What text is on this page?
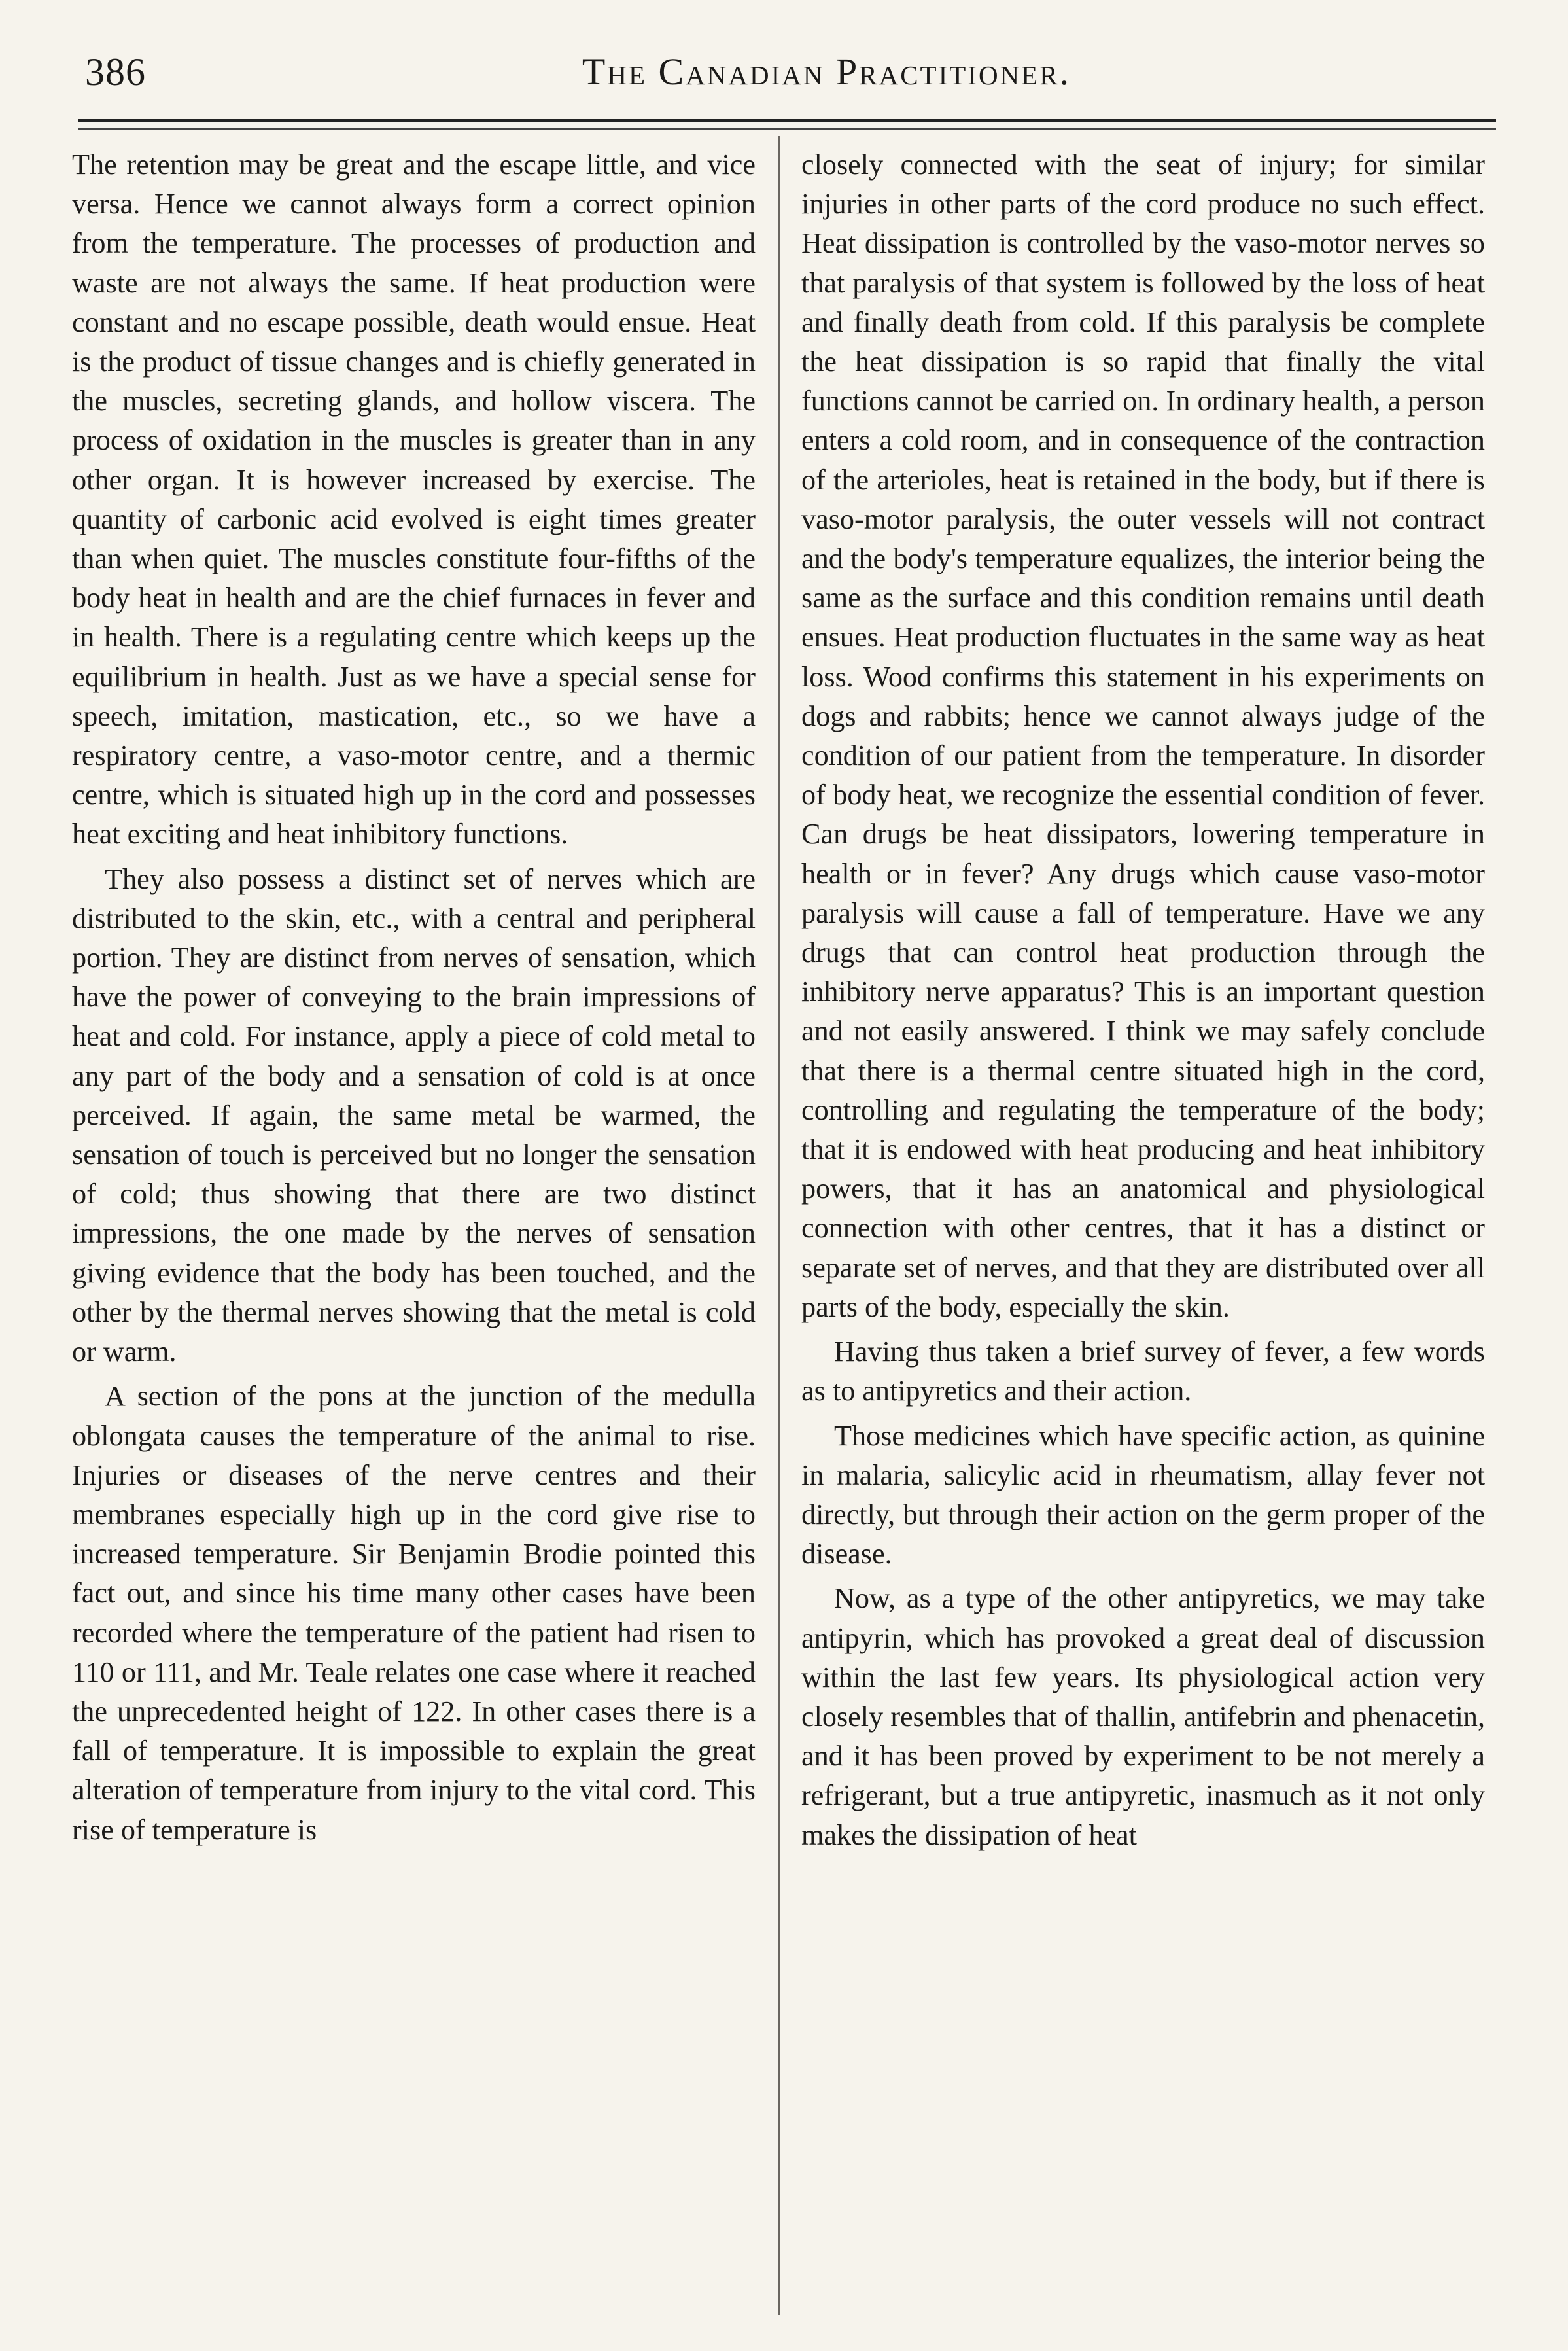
386	The Canadian Practitioner.

The retention may be great and the escape little, and vice versa. Hence we cannot always form a correct opinion from the temperature. The processes of production and waste are not always the same. If heat production were constant and no escape possible, death would ensue. Heat is the product of tissue changes and is chiefly generated in the muscles, secreting glands, and hollow viscera. The process of oxidation in the muscles is greater than in any other organ. It is however increased by exercise. The quantity of carbonic acid evolved is eight times greater than when quiet. The muscles constitute four-fifths of the body heat in health and are the chief furnaces in fever and in health. There is a regulating centre which keeps up the equilibrium in health. Just as we have a special sense for speech, imitation, mastication, etc., so we have a respiratory centre, a vaso-motor centre, and a thermic centre, which is situated high up in the cord and possesses heat exciting and heat inhibitory functions.

They also possess a distinct set of nerves which are distributed to the skin, etc., with a central and peripheral portion. They are distinct from nerves of sensation, which have the power of conveying to the brain impressions of heat and cold. For instance, apply a piece of cold metal to any part of the body and a sensation of cold is at once perceived. If again, the same metal be warmed, the sensation of touch is perceived but no longer the sensation of cold; thus showing that there are two distinct impressions, the one made by the nerves of sensation giving evidence that the body has been touched, and the other by the thermal nerves showing that the metal is cold or warm.

A section of the pons at the junction of the medulla oblongata causes the temperature of the animal to rise. Injuries or diseases of the nerve centres and their membranes especially high up in the cord give rise to increased temperature. Sir Benjamin Brodie pointed this fact out, and since his time many other cases have been recorded where the temperature of the patient had risen to 110 or 111, and Mr. Teale relates one case where it reached the unprecedented height of 122. In other cases there is a fall of temperature. It is impossible to explain the great alteration of temperature from injury to the vital cord. This rise of temperature is

closely connected with the seat of injury; for similar injuries in other parts of the cord produce no such effect. Heat dissipation is controlled by the vaso-motor nerves so that paralysis of that system is followed by the loss of heat and finally death from cold. If this paralysis be complete the heat dissipation is so rapid that finally the vital functions cannot be carried on. In ordinary health, a person enters a cold room, and in consequence of the contraction of the arterioles, heat is retained in the body, but if there is vaso-motor paralysis, the outer vessels will not contract and the body's temperature equalizes, the interior being the same as the surface and this condition remains until death ensues. Heat production fluctuates in the same way as heat loss. Wood confirms this statement in his experiments on dogs and rabbits; hence we cannot always judge of the condition of our patient from the temperature. In disorder of body heat, we recognize the essential condition of fever. Can drugs be heat dissipators, lowering temperature in health or in fever? Any drugs which cause vaso-motor paralysis will cause a fall of temperature. Have we any drugs that can control heat production through the inhibitory nerve apparatus? This is an important question and not easily answered. I think we may safely conclude that there is a thermal centre situated high in the cord, controlling and regulating the temperature of the body; that it is endowed with heat producing and heat inhibitory powers, that it has an anatomical and physiological connection with other centres, that it has a distinct or separate set of nerves, and that they are distributed over all parts of the body, especially the skin.

Having thus taken a brief survey of fever, a few words as to antipyretics and their action.

Those medicines which have specific action, as quinine in malaria, salicylic acid in rheumatism, allay fever not directly, but through their action on the germ proper of the disease.

Now, as a type of the other antipyretics, we may take antipyrin, which has provoked a great deal of discussion within the last few years. Its physiological action very closely resembles that of thallin, antifebrin and phenacetin, and it has been proved by experiment to be not merely a refrigerant, but a true antipyretic, inasmuch as it not only makes the dissipation of heat
